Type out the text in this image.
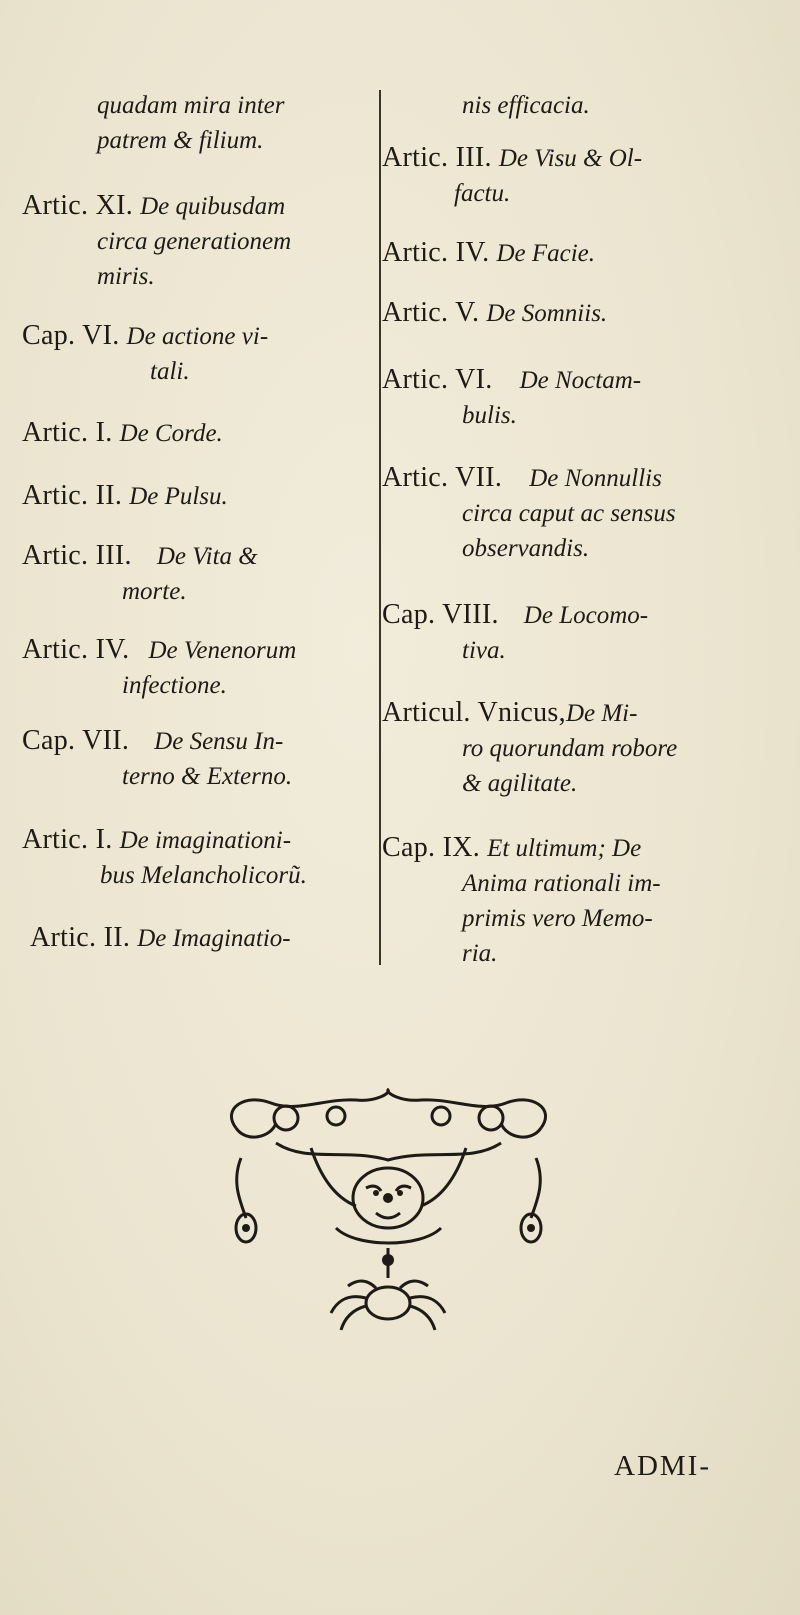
quadam mira inter
patrem & filium.
Artic. XI. De quibusdam
circa generationem
miris.
Cap. VI. De actione vi-
tali.
Artic. I. De Corde.
Artic. II. De Pulsu.
Artic. III. De Vita &
morte.
Artic. IV. De Venenorum
infectione.
Cap. VII. De Sensu In-
terno & Externo.
Artic. I. De imaginationi-
bus Melancholicorũ.
Artic. II. De Imaginatio-
nis efficacia.
Artic. III. De Visu & Ol-
factu.
Artic. IV. De Facie.
Artic. V. De Somniis.
Artic. VI. De Noctam-
bulis.
Artic. VII. De Nonnullis
circa caput ac sensus
observandis.
Cap. VIII. De Locomo-
tiva.
Articul. Vnicus,De Mi-
ro quorundam robore
& agilitate.
Cap. IX. Et ultimum; De
Anima rationali im-
primis vero Memo-
ria.
ADMI-
